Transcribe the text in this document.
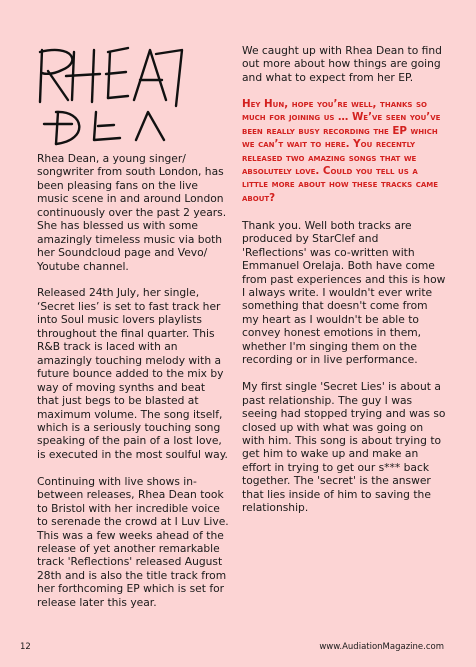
Rhea Dean, a young singer/ songwriter from south London, has been pleasing fans on the live music scene in and around London continuously over the past 2 years. She has blessed us with some amazingly timeless music via both her Soundcloud page and Vevo/ Youtube channel.

Released 24th July, her single, ‘Secret lies’ is set to fast track her into Soul music lovers playlists throughout the final quarter. This R&B track is laced with an amazingly touching melody with a future bounce added to the mix by way of moving synths and beat that just begs to be blasted at maximum volume. The song itself, which is a seriously touching song speaking of the pain of a lost love, is executed in the most soulful way.

Continuing with live shows in-between releases, Rhea Dean took to Bristol with her incredible voice to serenade the crowd at I Luv Live. This was a few weeks ahead of the release of yet another remarkable track 'Reflections' released August 28th and is also the title track from her forthcoming EP which is set for release later this year.

We caught up with Rhea Dean to find out more about how things are going and what to expect from her EP.

Hey Hun, hope you’re well, thanks so much for joining us … We’ve seen you’ve been really busy recording the EP which we can’t wait to here. You recently released two amazing songs that we absolutely love. Could you tell us a little more about how these tracks came about?

Thank you. Well both tracks are produced by StarClef and 'Reflections' was co-written with Emmanuel Orelaja. Both have come from past experiences and this is how I always write. I wouldn't ever write something that doesn't come from my heart as I wouldn't be able to convey honest emotions in them, whether I'm singing them on the recording or in live performance.

My first single 'Secret Lies' is about a past relationship. The guy I was seeing had stopped trying and was so closed up with what was going on with him. This song is about trying to get him to wake up and make an effort in trying to get our s*** back together. The 'secret' is the answer that lies inside of him to saving the relationship.

12	www.AudiationMagazine.com
